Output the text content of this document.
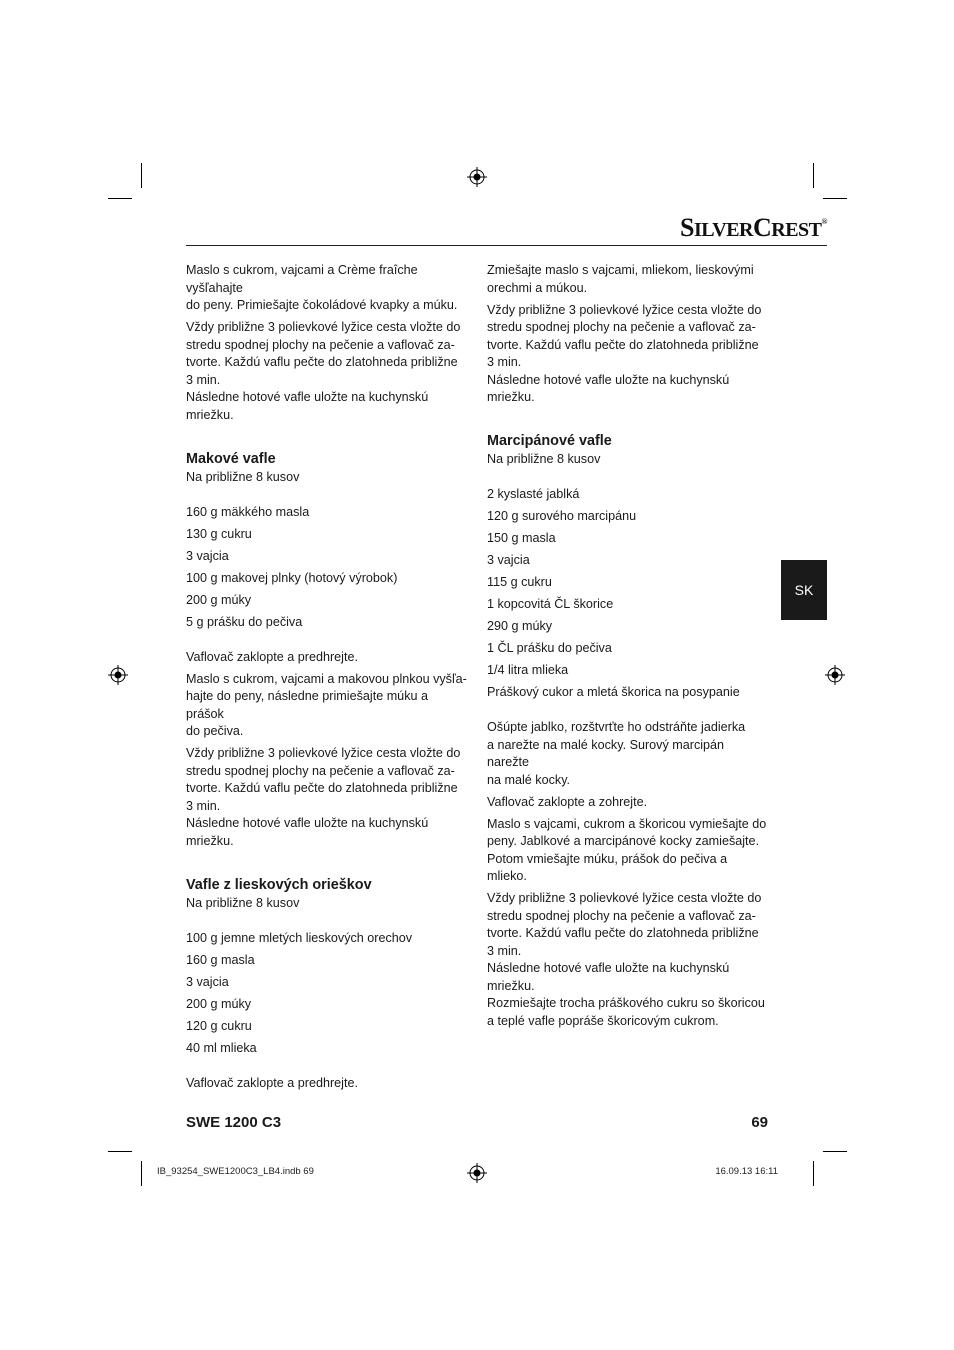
SILVERCREST®

Maslo s cukrom, vajcami a Crème fraîche vyšľahajte
do peny. Primiešajte čokoládové kvapky a múku.

Vždy približne 3 polievkové lyžice cesta vložte do
stredu spodnej plochy na pečenie a vaflovač za-
tvorte. Každú vaflu pečte do zlatohneda približne
3 min.
Následne hotové vafle uložte na kuchynskú
mriežku.

Makové vafle

Na približne 8 kusov

160 g mäkkého masla
130 g cukru
3 vajcia
100 g makovej plnky (hotový výrobok)
200 g múky
5 g prášku do pečiva

Vaflovač zaklopte a predhrejte.

Maslo s cukrom, vajcami a makovou plnkou vyšľa-
hajte do peny, následne primiešajte múku a prášok
do pečiva.

Vždy približne 3 polievkové lyžice cesta vložte do
stredu spodnej plochy na pečenie a vaflovač za-
tvorte. Každú vaflu pečte do zlatohneda približne
3 min.
Následne hotové vafle uložte na kuchynskú
mriežku.

Vafle z lieskových orieškov

Na približne 8 kusov

100 g jemne mletých lieskových orechov
160 g masla
3 vajcia
200 g múky
120 g cukru
40 ml mlieka

Vaflovač zaklopte a predhrejte.

Zmiešajte maslo s vajcami, mliekom, lieskovými
orechmi a múkou.

Vždy približne 3 polievkové lyžice cesta vložte do
stredu spodnej plochy na pečenie a vaflovač za-
tvorte. Každú vaflu pečte do zlatohneda približne
3 min.
Následne hotové vafle uložte na kuchynskú
mriežku.

Marcipánové vafle

Na približne 8 kusov

2 kyslasté jablká
120 g surového marcipánu
150 g masla
3 vajcia
115 g cukru
1 kopcovitá ČL škorice
290 g múky
1 ČL prášku do pečiva
1/4 litra mlieka
Práškový cukor a mletá škorica na posypanie

Ošúpte jablko, rozštvrťte ho odstráňte jadierka
a narežte na malé kocky. Surový marcipán narežte
na malé kocky.

Vaflovač zaklopte a zohrejte.

Maslo s vajcami, cukrom a škoricou vymiešajte do
peny. Jablkové a marcipánové kocky zamiešajte.
Potom vmiešajte múku, prášok do pečiva a mlieko.

Vždy približne 3 polievkové lyžice cesta vložte do
stredu spodnej plochy na pečenie a vaflovač za-
tvorte. Každú vaflu pečte do zlatohneda približne
3 min.
Následne hotové vafle uložte na kuchynskú mriežku.
Rozmiešajte trocha práškového cukru so škoricou
a teplé vafle popráše škoricovým cukrom.

SK
SWE 1200 C3	69
IB_93254_SWE1200C3_LB4.indb 69	16.09.13 16:11
